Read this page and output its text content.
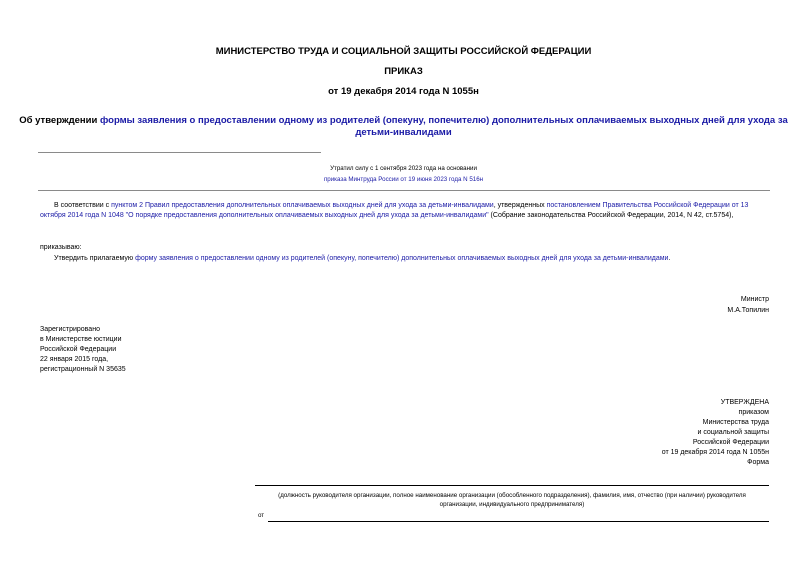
МИНИСТЕРСТВО ТРУДА И СОЦИАЛЬНОЙ ЗАЩИТЫ РОССИЙСКОЙ ФЕДЕРАЦИИ
ПРИКАЗ
от 19 декабря 2014 года N 1055н
Об утверждении формы заявления о предоставлении одному из родителей (опекуну, попечителю) дополнительных оплачиваемых выходных дней для ухода за
детьми-инвалидами
Утратил силу с 1 сентября 2023 года на основании
приказа Минтруда России от 19 июня 2023 года N 516н
В соответствии с пунктом 2 Правил предоставления дополнительных оплачиваемых выходных дней для ухода за детьми-инвалидами, утвержденных постановлением Правительства Российской Федерации от 13
октября 2014 года N 1048 "О порядке предоставления дополнительных оплачиваемых выходных дней для ухода за детьми-инвалидами" (Собрание законодательства Российской Федерации, 2014, N 42, ст.5754),
приказываю:
Утвердить прилагаемую форму заявления о предоставлении одному из родителей (опекуну, попечителю) дополнительных оплачиваемых выходных дней для ухода за детьми-инвалидами.
Министр
М.А.Топилин
Зарегистрировано
в Министерстве юстиции
Российской Федерации
22 января 2015 года,
регистрационный N 35635
УТВЕРЖДЕНА
приказом
Министерства труда
и социальной защиты
Российской Федерации
от 19 декабря 2014 года N 1055н
Форма
(должность руководителя организации, полное наименование организации (обособленного подразделения), фамилия, имя, отчество (при наличии) руководителя
организации, индивидуального предпринимателя)
от
